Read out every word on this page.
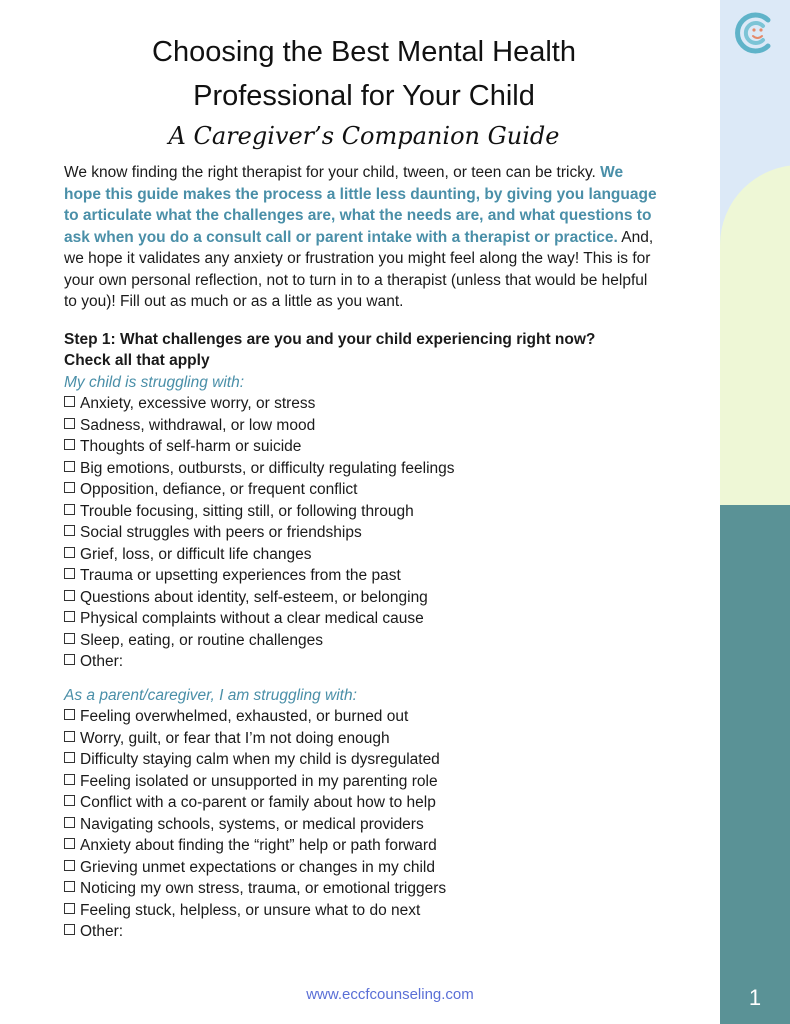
1
Choosing the Best Mental Health
Professional for Your Child
A Caregiver’s Companion Guide

We know finding the right therapist for your child, tween, or teen can be tricky. We hope this guide makes the process a little less daunting, by giving you language to articulate what the challenges are, what the needs are, and what questions to ask when you do a consult call or parent intake with a therapist or practice. And, we hope it validates any anxiety or frustration you might feel along the way! This is for your own personal reflection, not to turn in to a therapist (unless that would be helpful to you)! Fill out as much or as a little as you want.

Step 1: What challenges are you and your child experiencing right now?
Check all that apply
My child is struggling with:
Anxiety, excessive worry, or stress
Sadness, withdrawal, or low mood
Thoughts of self-harm or suicide
Big emotions, outbursts, or difficulty regulating feelings
Opposition, defiance, or frequent conflict
Trouble focusing, sitting still, or following through
Social struggles with peers or friendships
Grief, loss, or difficult life changes
Trauma or upsetting experiences from the past
Questions about identity, self-esteem, or belonging
Physical complaints without a clear medical cause
Sleep, eating, or routine challenges
Other:
As a parent/caregiver, I am struggling with:
Feeling overwhelmed, exhausted, or burned out
Worry, guilt, or fear that I’m not doing enough
Difficulty staying calm when my child is dysregulated
Feeling isolated or unsupported in my parenting role
Conflict with a co-parent or family about how to help
Navigating schools, systems, or medical providers
Anxiety about finding the “right” help or path forward
Grieving unmet expectations or changes in my child
Noticing my own stress, trauma, or emotional triggers
Feeling stuck, helpless, or unsure what to do next
Other:
www.eccfcounseling.com
